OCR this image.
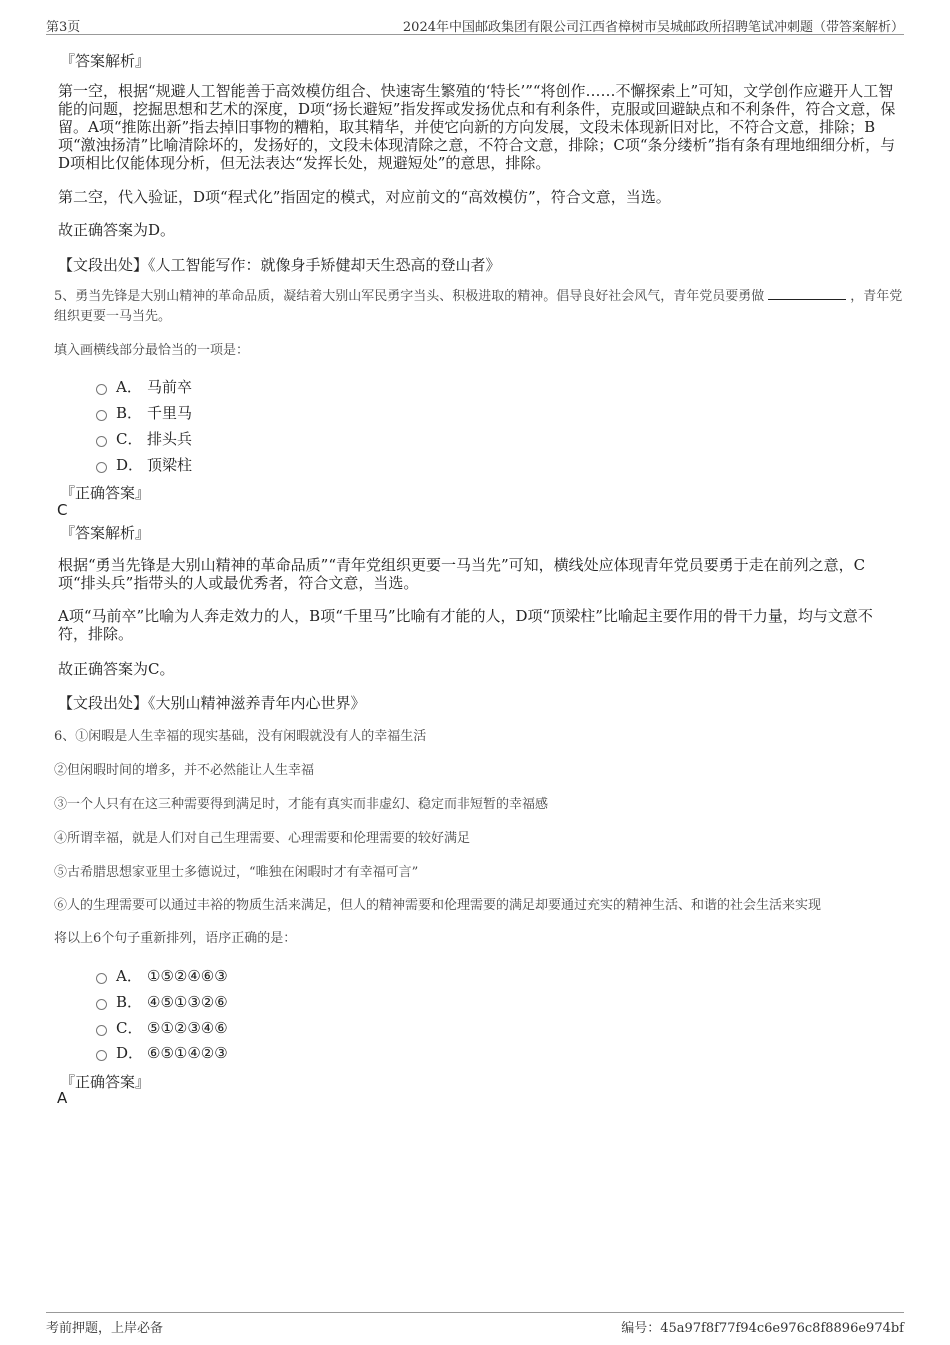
第3页	2024年中国邮政集团有限公司江西省樟树市吴城邮政所招聘笔试冲刺题（带答案解析）
『答案解析』
第一空，根据“规避人工智能善于高效模仿组合、快速寄生繁殖的‘特长’”“将创作……不懈探索上”可知，文学创作应避开人工智能的问题，挖掘思想和艺术的深度，D项“扬长避短”指发挥或发扬优点和有利条件，克服或回避缺点和不利条件，符合文意，保留。A项“推陈出新”指去掉旧事物的糟粕，取其精华，并使它向新的方向发展，文段未体现新旧对比，不符合文意，排除；B项“激浊扬清”比喻清除坏的，发扬好的，文段未体现清除之意，不符合文意，排除；C项“条分缕析”指有条有理地细细分析，与D项相比仅能体现分析，但无法表达“发挥长处，规避短处”的意思，排除。
第二空，代入验证，D项“程式化”指固定的模式，对应前文的“高效模仿”，符合文意，当选。
故正确答案为D。
【文段出处】《人工智能写作：就像身手矫健却天生恐高的登山者》
5、勇当先锋是大别山精神的革命品质，凝结着大别山军民勇字当头、积极进取的精神。倡导良好社会风气，青年党员要勇做	，青年党组织更要一马当先。
填入画横线部分最恰当的一项是：
A． 马前卒
B． 千里马
C． 排头兵
D． 顶梁柱
『正确答案』
C
『答案解析』
根据“勇当先锋是大别山精神的革命品质”“青年党组织更要一马当先”可知，横线处应体现青年党员要勇于走在前列之意，C项“排头兵”指带头的人或最优秀者，符合文意，当选。
A项“马前卒”比喻为人奔走效力的人，B项“千里马”比喻有才能的人，D项“顶梁柱”比喻起主要作用的骨干力量，均与文意不符，排除。
故正确答案为C。
【文段出处】《大别山精神滋养青年内心世界》
6、①闲暇是人生幸福的现实基础，没有闲暇就没有人的幸福生活
②但闲暇时间的增多，并不必然能让人生幸福
③一个人只有在这三种需要得到满足时，才能有真实而非虚幻、稳定而非短暂的幸福感
④所谓幸福，就是人们对自己生理需要、心理需要和伦理需要的较好满足
⑤古希腊思想家亚里士多德说过，“唯独在闲暇时才有幸福可言”
⑥人的生理需要可以通过丰裕的物质生活来满足，但人的精神需要和伦理需要的满足却要通过充实的精神生活、和谐的社会生活来实现
将以上6个句子重新排列，语序正确的是：
A． ①⑤②④⑥③
B． ④⑤①③②⑥
C． ⑤①②③④⑥
D． ⑥⑤①④②③
『正确答案』
A
考前押题，上岸必备	编号：45a97f8f77f94c6e976c8f8896e974bf
